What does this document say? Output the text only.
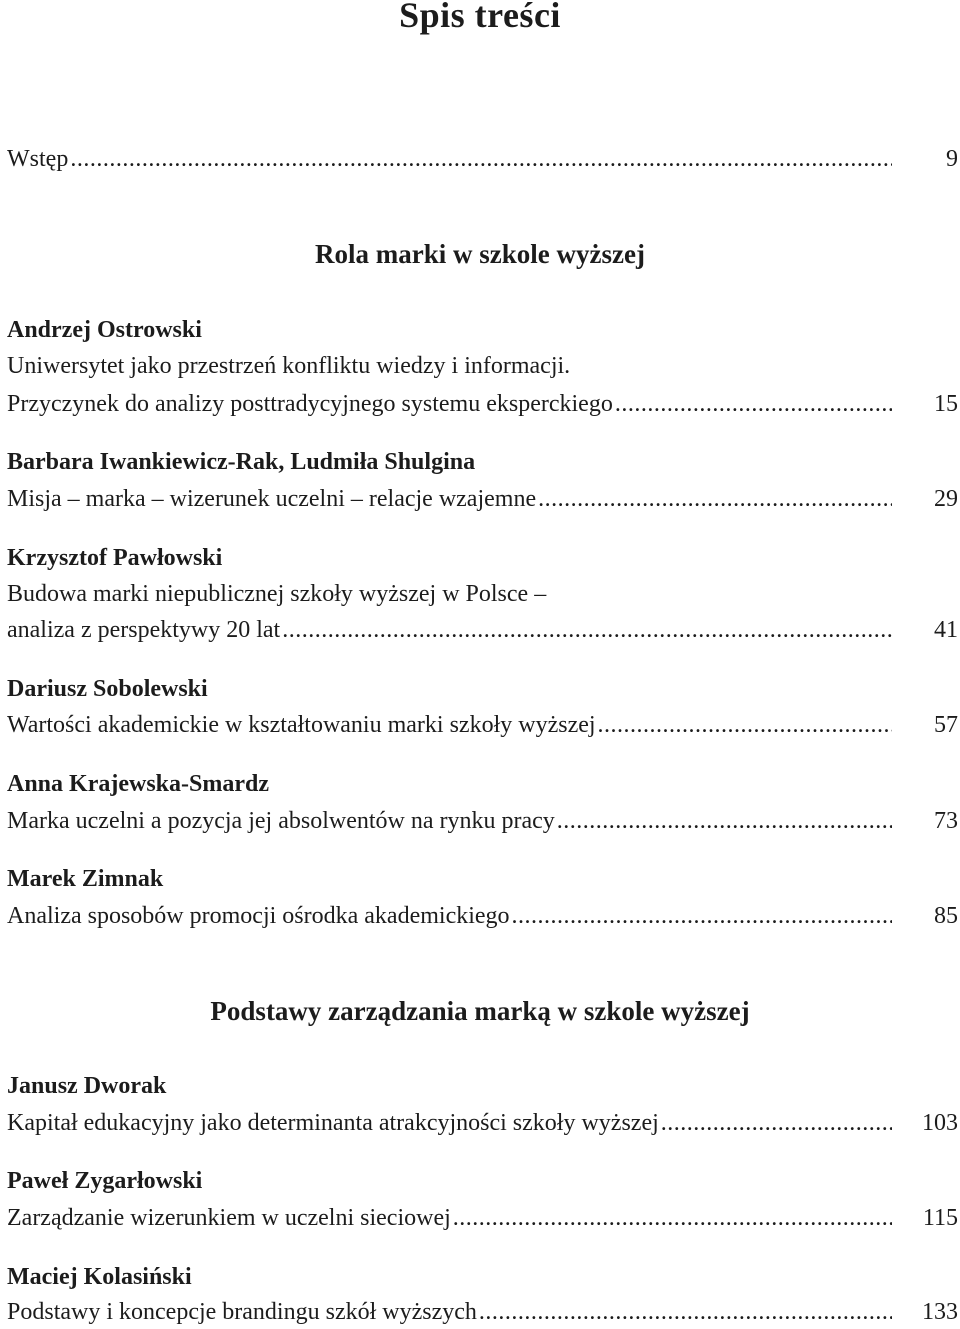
Spis treści
Wstęp .....	9
Rola marki w szkole wyższej
Andrzej Ostrowski
Uniwersytet jako przestrzeń konfliktu wiedzy i informacji.
Przyczynek do analizy posttradycyjnego systemu eksperckiego .....	15
Barbara Iwankiewicz-Rak, Ludmiła Shulgina
Misja – marka – wizerunek uczelni – relacje wzajemne .....	29
Krzysztof Pawłowski
Budowa marki niepublicznej szkoły wyższej w Polsce –
analiza z perspektywy 20 lat .....	41
Dariusz Sobolewski
Wartości akademickie w kształtowaniu marki szkoły wyższej .....	57
Anna Krajewska-Smardz
Marka uczelni a pozycja jej absolwentów na rynku pracy .....	73
Marek Zimnak
Analiza sposobów promocji ośrodka akademickiego .....	85
Podstawy zarządzania marką w szkole wyższej
Janusz Dworak
Kapitał edukacyjny jako determinanta atrakcyjności szkoły wyższej .....	103
Paweł Zygarłowski
Zarządzanie wizerunkiem w uczelni sieciowej .....	115
Maciej Kolasiński
Podstawy i koncepcje brandingu szkół wyższych .....	133
